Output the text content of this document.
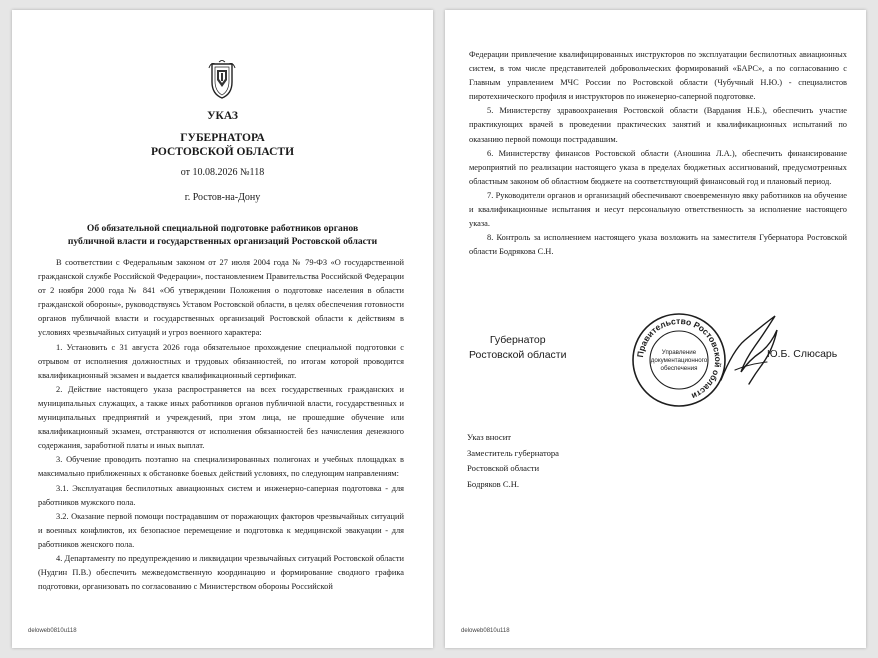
УКАЗ
ГУБЕРНАТОРА
РОСТОВСКОЙ ОБЛАСТИ
от 10.08.2026 №118
г. Ростов-на-Дону
Об обязательной специальной подготовке работников органов
публичной власти и государственных организаций Ростовской области

В соответствии с Федеральным законом от 27 июля 2004 года № 79-ФЗ «О государственной гражданской службе Российской Федерации», постановлением Правительства Российской Федерации от 2 ноября 2000 года № 841 «Об утверждении Положения о подготовке населения в области гражданской обороны», руководствуясь Уставом Ростовской области, в целях обеспечения готовности органов публичной власти и государственных организаций Ростовской области к действиям в условиях чрезвычайных ситуаций и угроз военного характера:

1. Установить с 31 августа 2026 года обязательное прохождение специальной подготовки с отрывом от исполнения должностных и трудовых обязанностей, по итогам которой проводится квалификационный экзамен и выдается квалификационный сертификат.

2. Действие настоящего указа распространяется на всех государственных гражданских и муниципальных служащих, а также иных работников органов публичной власти, государственных и муниципальных предприятий и учреждений, при этом лица, не прошедшие обучение или квалификационный экзамен, отстраняются от исполнения обязанностей без начисления денежного содержания, заработной платы и иных выплат.

3. Обучение проводить поэтапно на специализированных полигонах и учебных площадках в максимально приближенных к обстановке боевых действий условиях, по следующим направлениям:

3.1. Эксплуатация беспилотных авиационных систем и инженерно-саперная подготовка - для работников мужского пола.

3.2. Оказание первой помощи пострадавшим от поражающих факторов чрезвычайных ситуаций и военных конфликтов, их безопасное перемещение и подготовка к медицинской эвакуации - для работников женского пола.

4. Департаменту по предупреждению и ликвидации чрезвычайных ситуаций Ростовской области (Нудгин П.В.) обеспечить межведомственную координацию и формирование сводного графика подготовки, организовать по согласованию с Министерством обороны Российской

deloweb0810u118

Федерации привлечение квалифицированных инструкторов по эксплуатации беспилотных авиационных систем, в том числе представителей добровольческих формирований «БАРС», а по согласованию с Главным управлением МЧС России по Ростовской области (Чубучный Н.Ю.) - специалистов пиротехнического профиля и инструкторов по инженерно-саперной подготовке.

5. Министерству здравоохранения Ростовской области (Вардания Н.Б.), обеспечить участие практикующих врачей в проведении практических занятий и квалификационных испытаний по оказанию первой помощи пострадавшим.

6. Министерству финансов Ростовской области (Аношина Л.А.), обеспечить финансирование мероприятий по реализации настоящего указа в пределах бюджетных ассигнований, предусмотренных областным законом об областном бюджете на соответствующий финансовый год и плановый период.

7. Руководители органов и организаций обеспечивают своевременную явку работников на обучение и квалификационные испытания и несут персональную ответственность за исполнение настоящего указа.

8. Контроль за исполнением настоящего указа возложить на заместителя Губернатора Ростовской области Бодрякова С.Н.

Губернатор
Ростовской области	Правительство Ростовской области
Управление
документационного
обеспечения
Ю.Б. Слюсарь
Указ вносит
Заместитель губернатора
Ростовской области
Бодряков С.Н.
deloweb0810u118
